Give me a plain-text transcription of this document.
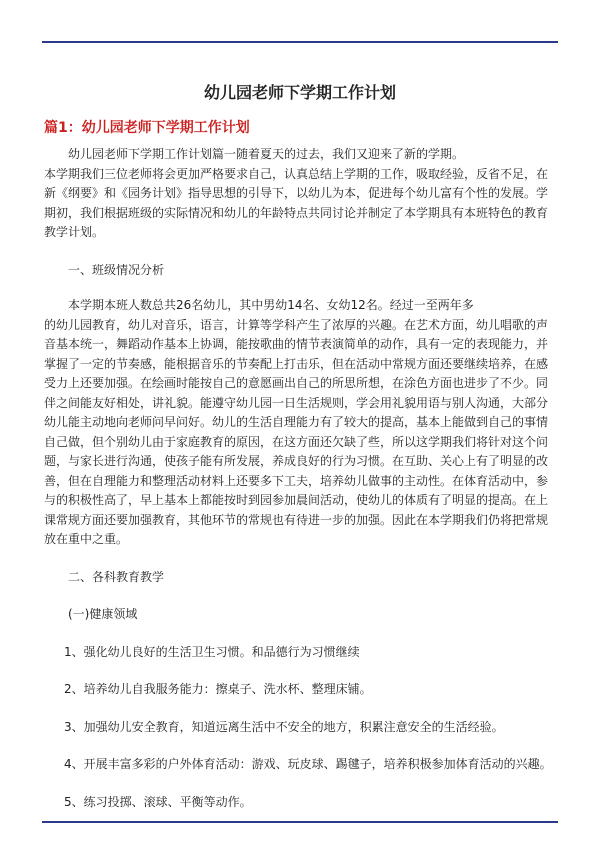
幼儿园老师下学期工作计划
篇1：幼儿园老师下学期工作计划

幼儿园老师下学期工作计划篇一随着夏天的过去，我们又迎来了新的学期。

本学期我们三位老师将会更加严格要求自己，认真总结上学期的工作，吸取经验，反省不足，在新《纲要》和《园务计划》指导思想的引导下，以幼儿为本，促进每个幼儿富有个性的发展。学期初，我们根据班级的实际情况和幼儿的年龄特点共同讨论并制定了本学期具有本班特色的教育教学计划。

一、班级情况分析

本学期本班人数总共26名幼儿，其中男幼14名、女幼12名。经过一至两年多

的幼儿园教育，幼儿对音乐，语言，计算等学科产生了浓厚的兴趣。在艺术方面，幼儿唱歌的声音基本统一，舞蹈动作基本上协调，能按歌曲的情节表演简单的动作，具有一定的表现能力，并掌握了一定的节奏感，能根据音乐的节奏配上打击乐，但在活动中常规方面还要继续培养，在感受力上还要加强。在绘画时能按自己的意愿画出自己的所思所想，在涂色方面也进步了不少。同伴之间能友好相处，讲礼貌。能遵守幼儿园一日生活规则，学会用礼貌用语与别人沟通，大部分幼儿能主动地向老师问早问好。幼儿的生活自理能力有了较大的提高，基本上能做到自己的事情自己做，但个别幼儿由于家庭教育的原因，在这方面还欠缺了些，所以这学期我们将针对这个问题，与家长进行沟通，使孩子能有所发展，养成良好的行为习惯。在互助、关心上有了明显的改善，但在自理能力和整理活动材料上还要多下工夫，培养幼儿做事的主动性。在体育活动中，参与的积极性高了，早上基本上都能按时到园参加晨间活动，使幼儿的体质有了明显的提高。在上课常规方面还要加强教育，其他环节的常规也有待进一步的加强。因此在本学期我们仍将把常规放在重中之重。

二、各科教育教学

(一)健康领域

1、强化幼儿良好的生活卫生习惯。和品德行为习惯继续

2、培养幼儿自我服务能力：擦桌子、洗水杯、整理床铺。

3、加强幼儿安全教育，知道远离生活中不安全的地方，积累注意安全的生活经验。

4、开展丰富多彩的户外体育活动：游戏、玩皮球、踢毽子，培养积极参加体育活动的兴趣。

5、练习投掷、滚球、平衡等动作。
